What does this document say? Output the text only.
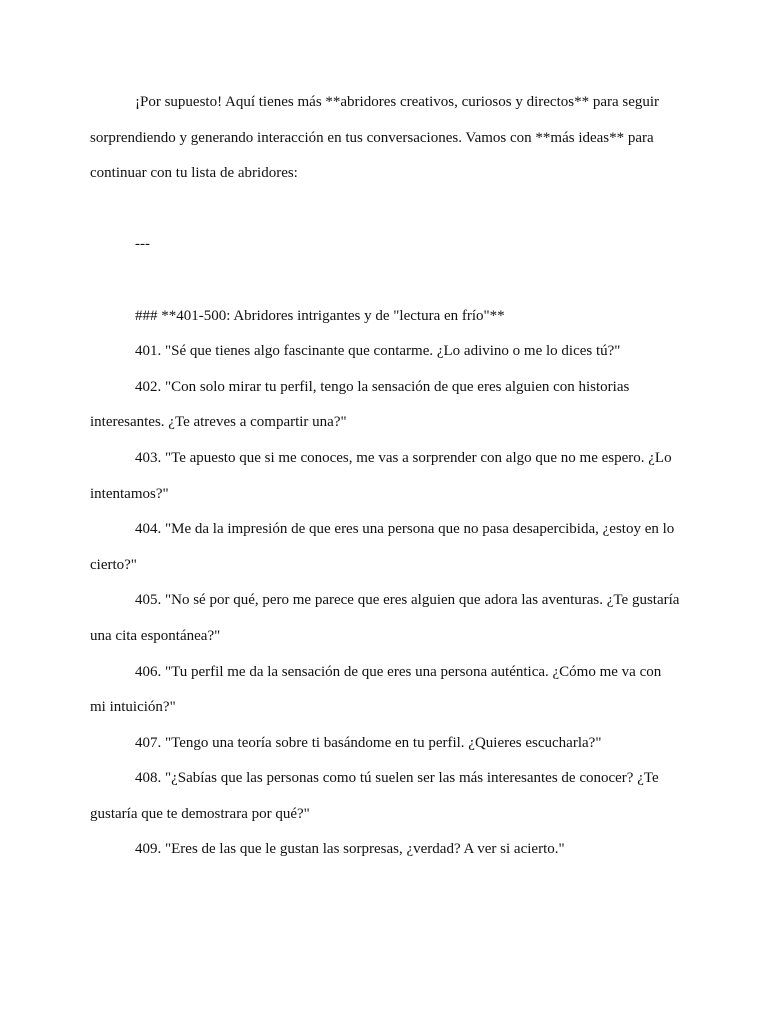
¡Por supuesto! Aquí tienes más **abridores creativos, curiosos y directos** para seguir sorprendiendo y generando interacción en tus conversaciones. Vamos con **más ideas** para continuar con tu lista de abridores:

---

### **401-500: Abridores intrigantes y de "lectura en frío"**

401. "Sé que tienes algo fascinante que contarme. ¿Lo adivino o me lo dices tú?"

402. "Con solo mirar tu perfil, tengo la sensación de que eres alguien con historias interesantes. ¿Te atreves a compartir una?"

403. "Te apuesto que si me conoces, me vas a sorprender con algo que no me espero. ¿Lo intentamos?"

404. "Me da la impresión de que eres una persona que no pasa desapercibida, ¿estoy en lo cierto?"

405. "No sé por qué, pero me parece que eres alguien que adora las aventuras. ¿Te gustaría una cita espontánea?"

406. "Tu perfil me da la sensación de que eres una persona auténtica. ¿Cómo me va con mi intuición?"

407. "Tengo una teoría sobre ti basándome en tu perfil. ¿Quieres escucharla?"

408. "¿Sabías que las personas como tú suelen ser las más interesantes de conocer? ¿Te gustaría que te demostrara por qué?"

409. "Eres de las que le gustan las sorpresas, ¿verdad? A ver si acierto."
